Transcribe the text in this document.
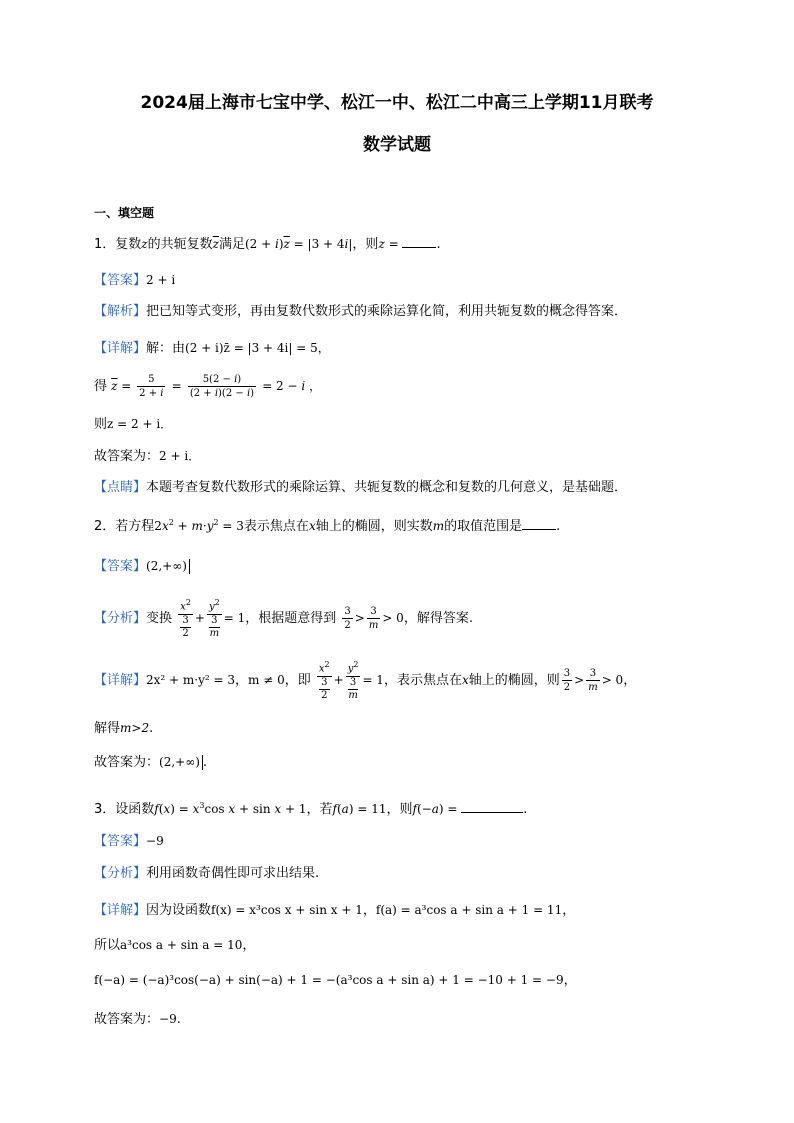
2024届上海市七宝中学、松江一中、松江二中高三上学期11月联考
数学试题
一、填空题
1．复数z的共轭复数$\overline{z}$满足$(2 + i)\overline{z} = |3 + 4i|$，则z =	.
【答案】2 + i
【解析】把已知等式变形，再由复数代数形式的乘除运算化简，利用共轭复数的概念得答案．
【详解】解：由(2 + i)z̄ = |3 + 4i| = 5，
得 $\overline{z} = \frac{5}{2 + i} = \frac{5(2 - i)}{(2 + i)(2 - i)} = 2 - i$ ，
则z = 2 + i．
故答案为：2 + i．
【点睛】本题考查复数代数形式的乘除运算、共轭复数的概念和复数的几何意义，是基础题．
2．若方程$2x^2 + m\cdot y^2 = 3$表示焦点在x轴上的椭圆，则实数m的取值范围是	.
【答案】(2,+∞)
【分析】变换 $x^2$
3
$2 + y^2$
3
m = 1，根据题意得到 $\frac{3}{2} > \frac{3}{m} > 0$，解得答案.
【详解】2x² + m·y² = 3，m ≠ 0，即 $x^2$
3
$2 + y^2$
3
m = 1，表示焦点在x轴上的椭圆，则 $\frac{3}{2} > \frac{3}{m} > 0$，
解得m>2.
故答案为：(2,+∞) .
3．设函数$f(x) = x^3\cos$ x + sin x + 1，若f(a) = 11，则f(−a) =	.
【答案】−9
【分析】利用函数奇偶性即可求出结果.
【详解】因为设函数f(x) = x³cos x + sin x + 1，f(a) = a³cos a + sin a + 1 = 11，
所以a³cos a + sin a = 10，
f(−a) = (−a)³cos(−a) + sin(−a) + 1 = −(a³cos a + sin a) + 1 = −10 + 1 = −9，
故答案为：−9.
